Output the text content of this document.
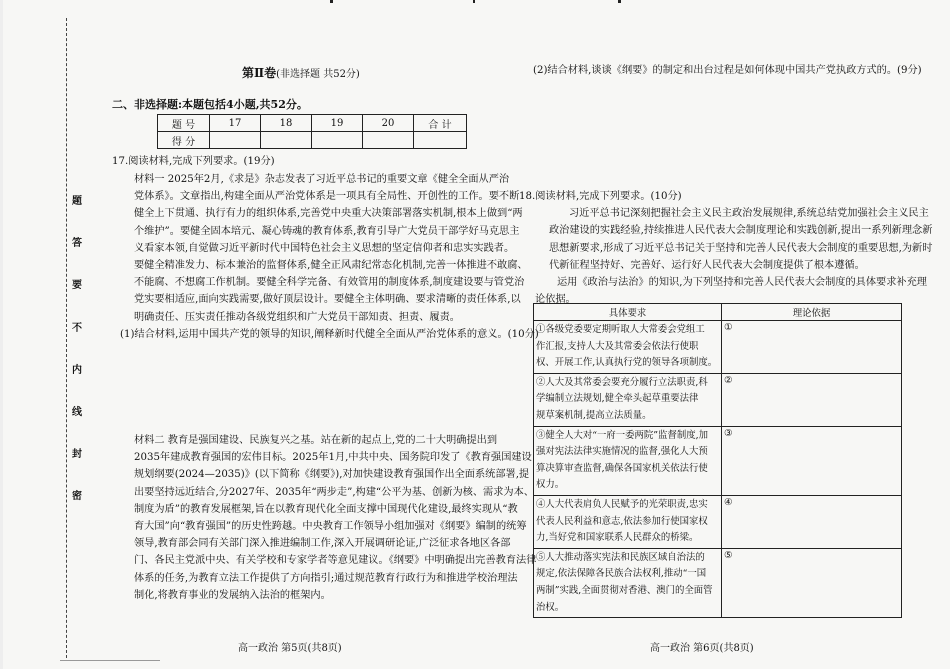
题
答
要
不
内
线
封
密
第Ⅱ卷(非选择题 共52分)
二、非选择题:本题包括4小题,共52分。
题 号	17	18	19	20	合 计
得 分					

17.阅读材料,完成下列要求。(19分)

材料一 2025年2月,《求是》杂志发表了习近平总书记的重要文章《健全全面从严治

党体系》。文章指出,构建全面从严治党体系是一项具有全局性、开创性的工作。要不断

健全上下贯通、执行有力的组织体系,完善党中央重大决策部署落实机制,根本上做到“两

个维护”。要健全固本培元、凝心铸魂的教育体系,教育引导广大党员干部学好马克思主

义看家本领,自觉做习近平新时代中国特色社会主义思想的坚定信仰者和忠实实践者。

要健全精准发力、标本兼治的监督体系,健全正风肃纪常态化机制,完善一体推进不敢腐、

不能腐、不想腐工作机制。要健全科学完备、有效管用的制度体系,制度建设要与管党治

党实要相适应,面向实践需要,做好顶层设计。要健全主体明确、要求清晰的责任体系,以

明确责任、压实责任推动各级党组织和广大党员干部知责、担责、履责。

(1)结合材料,运用中国共产党的领导的知识,阐释新时代健全全面从严治党体系的意义。(10分)

材料二 教育是强国建设、民族复兴之基。站在新的起点上,党的二十大明确提出到

2035年建成教育强国的宏伟目标。2025年1月,中共中央、国务院印发了《教育强国建设

规划纲要(2024—2035)》(以下简称《纲要》),对加快建设教育强国作出全面系统部署,提

出要坚持远近结合,分2027年、2035年“两步走”,构建“公平为基、创新为核、需求为本、

制度为盾”的教育发展框架,旨在以教育现代化全面支撑中国现代化建设,最终实现从“教

育大国”向“教育强国”的历史性跨越。中央教育工作领导小组加强对《纲要》编制的统筹

领导,教育部会同有关部门深入推进编制工作,深入开展调研论证,广泛征求各地区各部

门、各民主党派中央、有关学校和专家学者等意见建议。《纲要》中明确提出完善教育法律

体系的任务,为教育立法工作提供了方向指引;通过规范教育行政行为和推进学校治理法

制化,将教育事业的发展纳入法治的框架内。

高一政治 第5页(共8页)

(2)结合材料,谈谈《纲要》的制定和出台过程是如何体现中国共产党执政方式的。(9分)

18.阅读材料,完成下列要求。(10分)

习近平总书记深刻把握社会主义民主政治发展规律,系统总结党加强社会主义民主

政治建设的实践经验,持续推进人民代表大会制度理论和实践创新,提出一系列新理念新

思想新要求,形成了习近平总书记关于坚持和完善人民代表大会制度的重要思想,为新时

代新征程坚持好、完善好、运行好人民代表大会制度提供了根本遵循。

运用《政治与法治》的知识,为下列坚持和完善人民代表大会制度的具体要求补充理

论依据。

具体要求	理论依据

①各级党委要定期听取人大常委会党组工
作汇报,支持人大及其常委会依法行使职
权、开展工作,认真执行党的领导各项制度。	①

②人大及其常委会要充分履行立法职责,科
学编制立法规划,健全牵头起草重要法律
规草案机制,提高立法质量。	②

③健全人大对“一府一委两院”监督制度,加
强对宪法法律实施情况的监督,强化人大预
算决算审查监督,确保各国家机关依法行使
权力。	③

④人大代表肩负人民赋予的光荣职责,忠实
代表人民利益和意志,依法参加行使国家权
力,当好党和国家联系人民群众的桥梁。	④

⑤人大推动落实宪法和民族区域自治法的
规定,依法保障各民族合法权利,推动“一国
两制”实践,全面贯彻对香港、澳门的全面管
治权。	⑤
高一政治 第6页(共8页)
